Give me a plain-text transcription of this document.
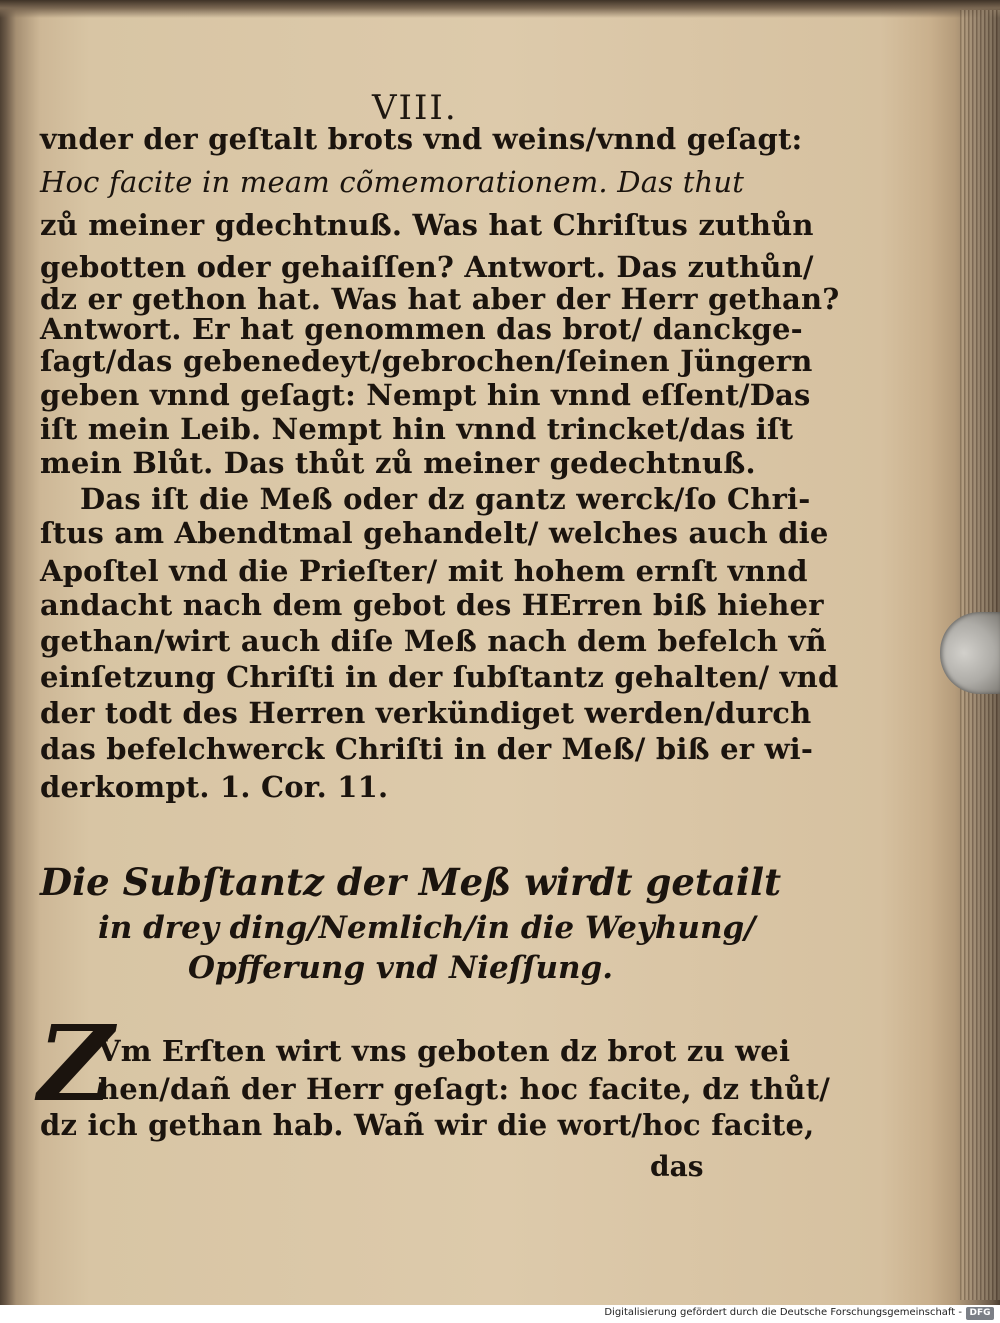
VIII.
vnder der geſtalt brots vnd weins/vnnd geſagt:
Hoc facite in meam cõmemorationem. Das thut
zů meiner gdechtnuß. Was hat Chriſtus zuthůn
gebotten oder gehaiſſen? Antwort. Das zuthůn/
dz er gethon hat. Was hat aber der Herr gethan?
Antwort. Er hat genommen das brot/ danckge-
ſagt/das gebenedeyt/gebrochen/ſeinen Jüngern
geben vnnd geſagt: Nempt hin vnnd eſſent/Das
iſt mein Leib. Nempt hin vnnd trincket/das iſt
mein Blůt. Das thůt zů meiner gedechtnuß.
Das iſt die Meß oder dz gantz werck/ſo Chri-
ſtus am Abendtmal gehandelt/ welches auch die
Apoſtel vnd die Prieſter/ mit hohem ernſt vnnd
andacht nach dem gebot des HErren biß hieher
gethan/wirt auch diſe Meß nach dem befelch vñ
einſetzung Chriſti in der ſubſtantz gehalten/ vnd
der todt des Herren verkündiget werden/durch
das befelchwerck Chriſti in der Meß/ biß er wi-
derkompt. 1. Cor. 11.
Die Subſtantz der Meß wirdt getailt
in drey ding/Nemlich/in die Weyhung/
Opfferung vnd Nieſſung.
Vm Erſten wirt vns geboten dz brot zu wei
hen/dañ der Herr geſagt: hoc facite, dz thůt/
dz ich gethan hab. Wañ wir die wort/hoc facite,
Z
das
Digitalisierung gefördert durch die Deutsche Forschungsgemeinschaft - DFG
